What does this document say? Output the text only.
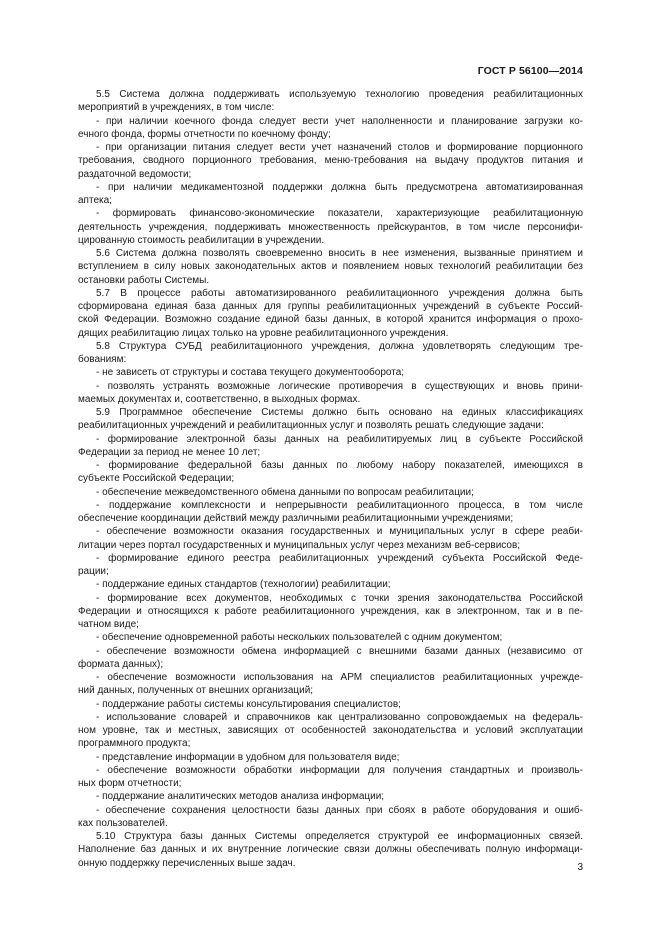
ГОСТ Р 56100—2014
5.5 Система должна поддерживать используемую технологию проведения реабилитационных
мероприятий в учреждениях, в том числе:
- при наличии коечного фонда следует вести учет наполненности и планирование загрузки ко-
ечного фонда, формы отчетности по коечному фонду;
- при организации питания следует вести учет назначений столов и формирование порционного
требования, сводного порционного требования, меню-требования на выдачу продуктов питания и
раздаточной ведомости;
- при наличии медикаментозной поддержки должна быть предусмотрена автоматизированная
аптека;
- формировать финансово-экономические показатели, характеризующие реабилитационную
деятельность учреждения, поддерживать множественность прейскурантов, в том числе персонифи-
цированную стоимость реабилитации в учреждении.
5.6 Система должна позволять своевременно вносить в нее изменения, вызванные принятием и
вступлением в силу новых законодательных актов и появлением новых технологий реабилитации без
остановки работы Системы.
5.7 В процессе работы автоматизированного реабилитационного учреждения должна быть
сформирована единая база данных для группы реабилитационных учреждений в субъекте Россий-
ской Федерации. Возможно создание единой базы данных, в которой хранится информация о прохо-
дящих реабилитацию лицах только на уровне реабилитационного учреждения.
5.8 Структура СУБД реабилитационного учреждения, должна удовлетворять следующим тре-
бованиям:
- не зависеть от структуры и состава текущего документооборота;
- позволять устранять возможные логические противоречия в существующих и вновь прини-
маемых документах и, соответственно, в выходных формах.
5.9 Программное обеспечение Системы должно быть основано на единых классификациях
реабилитационных учреждений и реабилитационных услуг и позволять решать следующие задачи:
- формирование электронной базы данных на реабилитируемых лиц в субъекте Российской
Федерации за период не менее 10 лет;
- формирование федеральной базы данных по любому набору показателей, имеющихся в
субъекте Российской Федерации;
- обеспечение межведомственного обмена данными по вопросам реабилитации;
- поддержание комплексности и непрерывности реабилитационного процесса, в том числе
обеспечение координации действий между различными реабилитационными учреждениями;
- обеспечение возможности оказания государственных и муниципальных услуг в сфере реаби-
литации через портал государственных и муниципальных услуг через механизм веб-сервисов;
- формирование единого реестра реабилитационных учреждений субъекта Российской Феде-
рации;
- поддержание единых стандартов (технологии) реабилитации;
- формирование всех документов, необходимых с точки зрения законодательства Российской
Федерации и относящихся к работе реабилитационного учреждения, как в электронном, так и в пе-
чатном виде;
- обеспечение одновременной работы нескольких пользователей с одним документом;
- обеспечение возможности обмена информацией с внешними базами данных (независимо от
формата данных);
- обеспечение возможности использования на АРМ специалистов реабилитационных учрежде-
ний данных, полученных от внешних организаций;
- поддержание работы системы консультирования специалистов;
- использование словарей и справочников как централизованно сопровождаемых на федераль-
ном уровне, так и местных, зависящих от особенностей законодательства и условий эксплуатации
программного продукта;
- представление информации в удобном для пользователя виде;
- обеспечение возможности обработки информации для получения стандартных и произволь-
ных форм отчетности;
- поддержание аналитических методов анализа информации;
- обеспечение сохранения целостности базы данных при сбоях в работе оборудования и ошиб-
ках пользователей.
5.10 Структура базы данных Системы определяется структурой ее информационных связей.
Наполнение баз данных и их внутренние логические связи должны обеспечивать полную информаци-
онную поддержку перечисленных выше задач.	3
